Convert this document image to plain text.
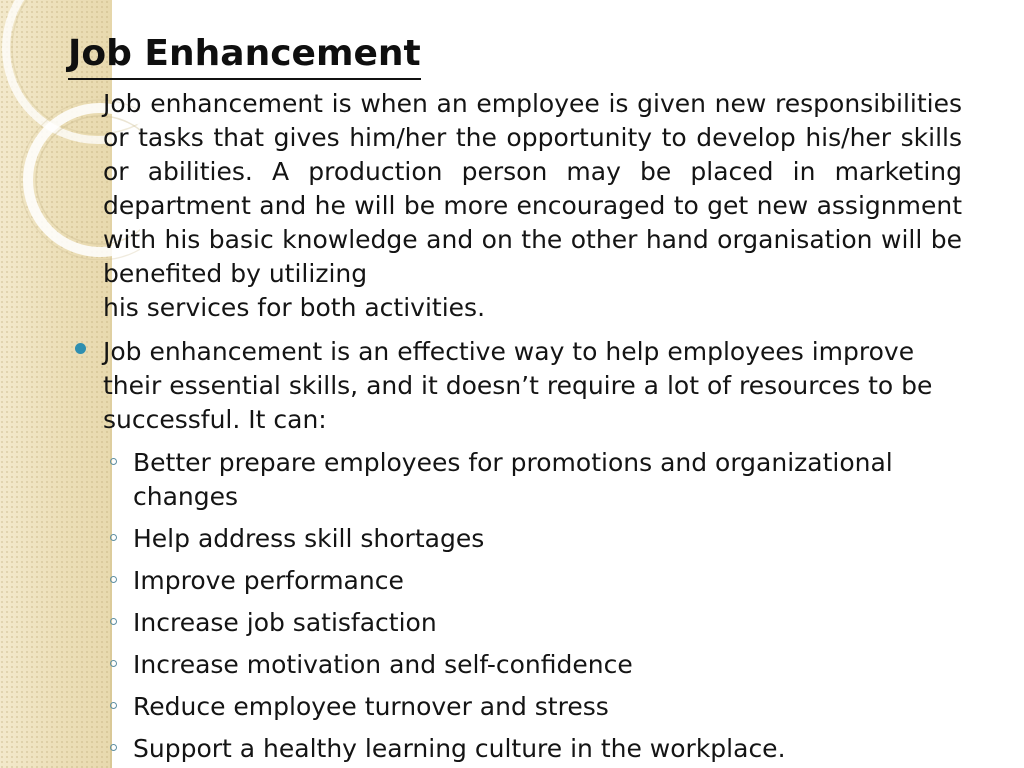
Job Enhancement

Job enhancement is when an employee is given new responsibilities or tasks that gives him/her the opportunity to develop his/her skills or abilities. A production person may be placed in marketing department and he will be more encouraged to get new assignment with his basic knowledge and on the other hand organisation will be benefited by utilizing
his services for both activities.

Job enhancement is an effective way to help employees improve their essential skills, and it doesn’t require a lot of resources to be successful. It can:
Better prepare employees for promotions and organizational changes
Help address skill shortages
Improve performance
Increase job satisfaction
Increase motivation and self-confidence
Reduce employee turnover and stress
Support a healthy learning culture in the workplace.
